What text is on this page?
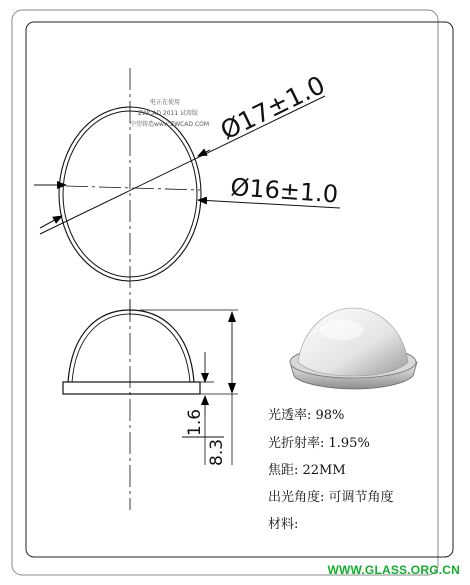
电正在使用
ZWCAD 2011 试用版
中望铸造www.ZWCAD.COM Ø17±1.0
Ø16±1.0
1.6
8.3
光透率: 98%
光折射率: 1.95%
焦距: 22MM
出光角度: 可调节角度
材料:
WWW.GLASS.ORG.CN
